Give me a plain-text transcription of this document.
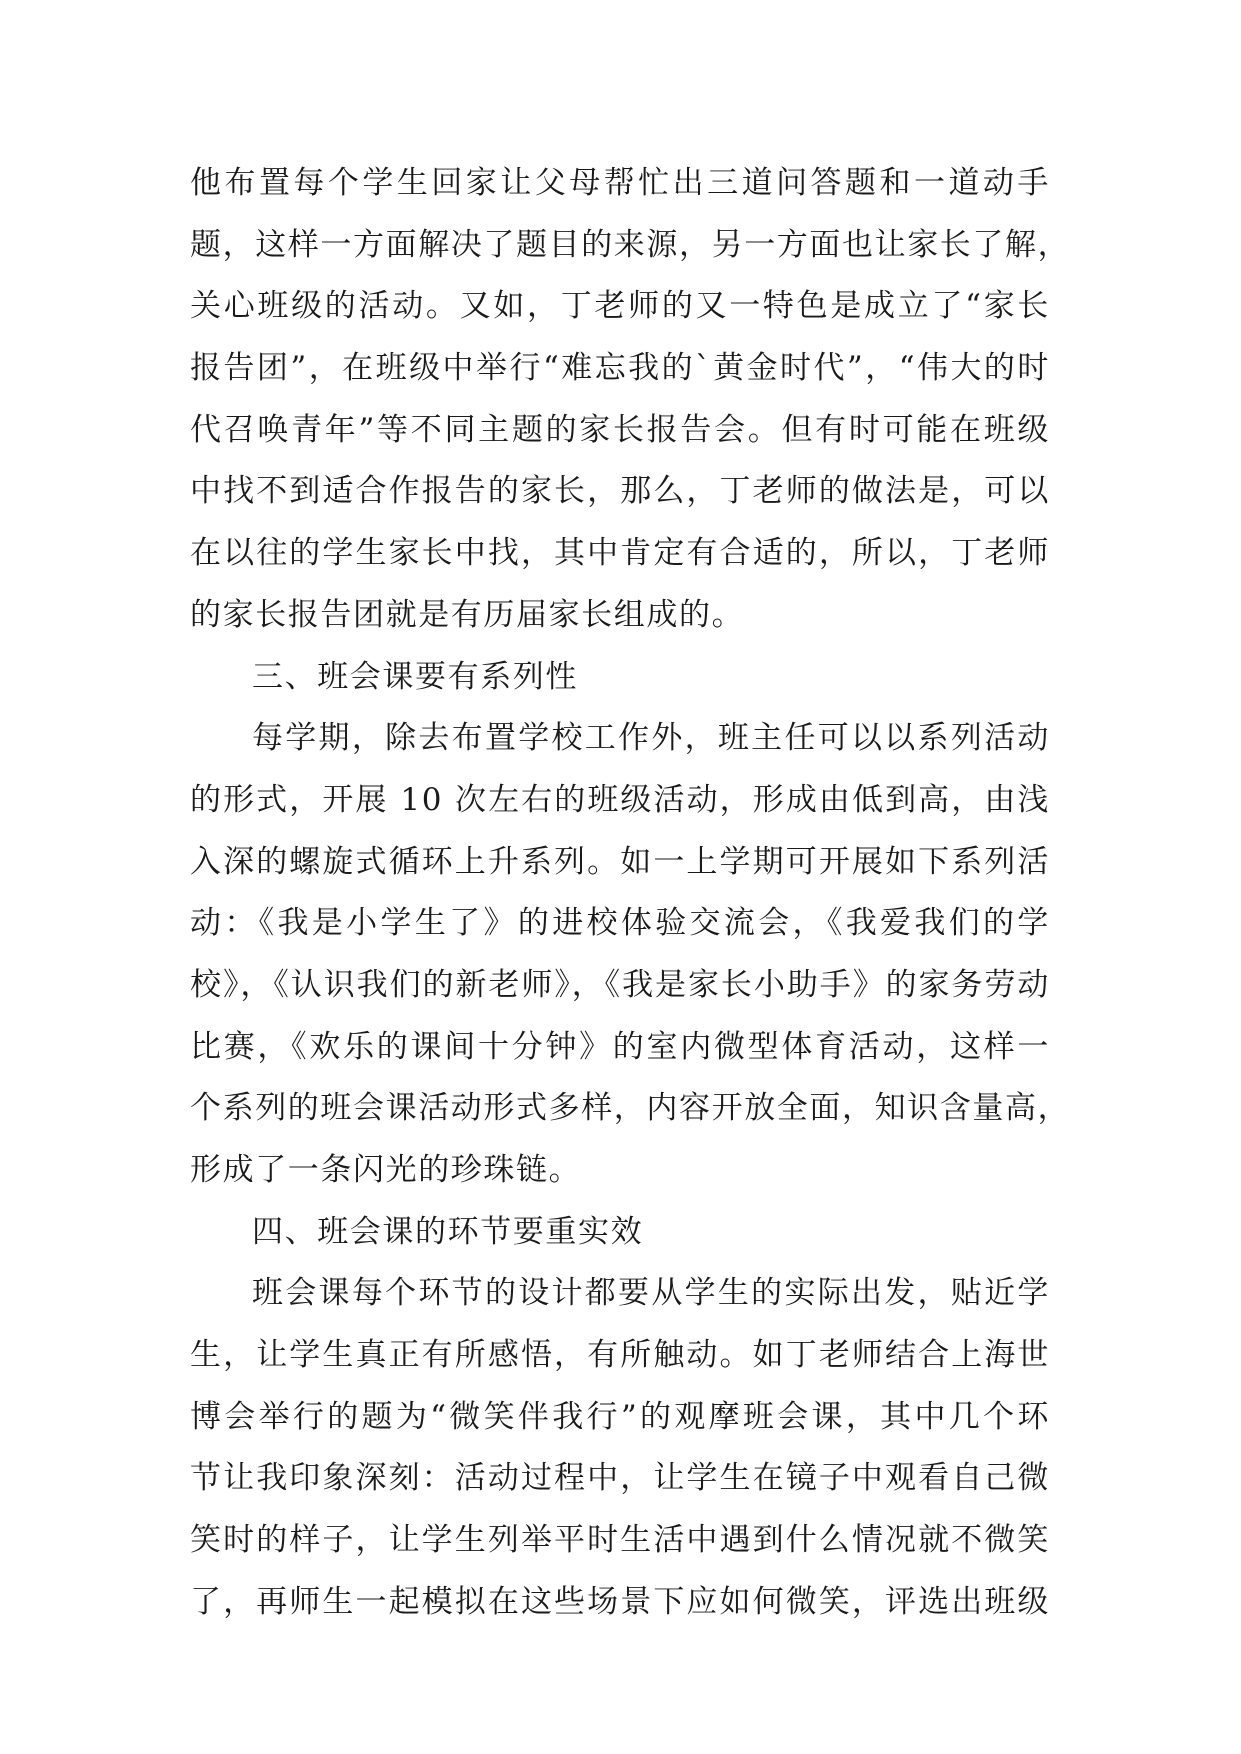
他布置每个学生回家让父母帮忙出三道问答题和一道动手
题，这样一方面解决了题目的来源，另一方面也让家长了解，
关心班级的活动。又如，丁老师的又一特色是成立了“家长
报告团”，在班级中举行“难忘我的`黄金时代”，“伟大的时
代召唤青年”等不同主题的家长报告会。但有时可能在班级
中找不到适合作报告的家长，那么，丁老师的做法是，可以
在以往的学生家长中找，其中肯定有合适的，所以，丁老师
的家长报告团就是有历届家长组成的。
三、班会课要有系列性
每学期，除去布置学校工作外，班主任可以以系列活动
的形式，开展 10 次左右的班级活动，形成由低到高，由浅
入深的螺旋式循环上升系列。如一上学期可开展如下系列活
动：《我是小学生了》的进校体验交流会，《我爱我们的学
校》，《认识我们的新老师》，《我是家长小助手》的家务劳动
比赛，《欢乐的课间十分钟》的室内微型体育活动，这样一
个系列的班会课活动形式多样，内容开放全面，知识含量高，
形成了一条闪光的珍珠链。
四、班会课的环节要重实效
班会课每个环节的设计都要从学生的实际出发，贴近学
生，让学生真正有所感悟，有所触动。如丁老师结合上海世
博会举行的题为“微笑伴我行”的观摩班会课，其中几个环
节让我印象深刻：活动过程中，让学生在镜子中观看自己微
笑时的样子，让学生列举平时生活中遇到什么情况就不微笑
了，再师生一起模拟在这些场景下应如何微笑，评选出班级
